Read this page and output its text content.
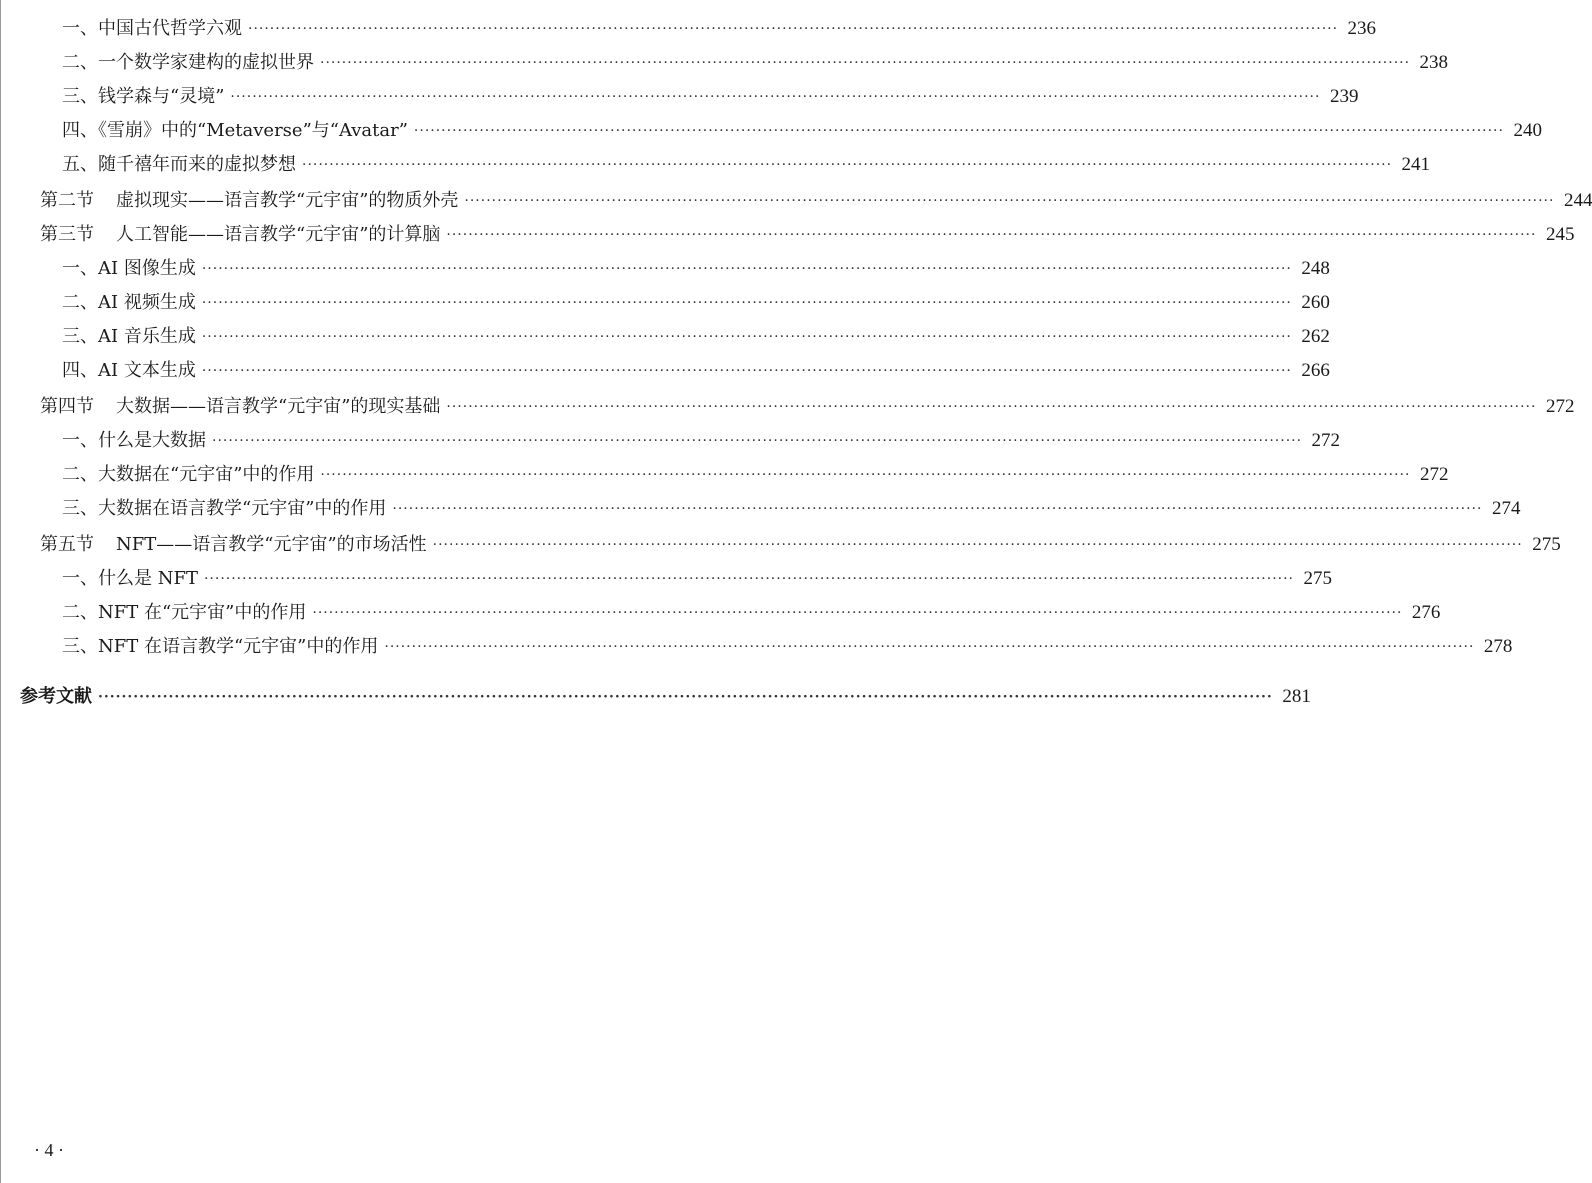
一、中国古代哲学六观 ········································································································································································································ 236
二、一个数学家建构的虚拟世界 ········································································································································································································ 238
三、钱学森与“灵境” ········································································································································································································ 239
四、《雪崩》中的“Metaverse”与“Avatar” ········································································································································································································ 240
五、随千禧年而来的虚拟梦想 ········································································································································································································ 241
第二节 虚拟现实——语言教学“元宇宙”的物质外壳 ········································································································································································································ 244
第三节 人工智能——语言教学“元宇宙”的计算脑 ········································································································································································································ 245
一、AI 图像生成 ········································································································································································································ 248
二、AI 视频生成 ········································································································································································································ 260
三、AI 音乐生成 ········································································································································································································ 262
四、AI 文本生成 ········································································································································································································ 266
第四节 大数据——语言教学“元宇宙”的现实基础 ········································································································································································································ 272
一、什么是大数据 ········································································································································································································ 272
二、大数据在“元宇宙”中的作用 ········································································································································································································ 272
三、大数据在语言教学“元宇宙”中的作用 ········································································································································································································ 274
第五节 NFT——语言教学“元宇宙”的市场活性 ········································································································································································································ 275
一、什么是 NFT ········································································································································································································ 275
二、NFT 在“元宇宙”中的作用 ········································································································································································································ 276
三、NFT 在语言教学“元宇宙”中的作用 ········································································································································································································ 278
参考文献 ········································································································································································································ 281
· 4 ·
